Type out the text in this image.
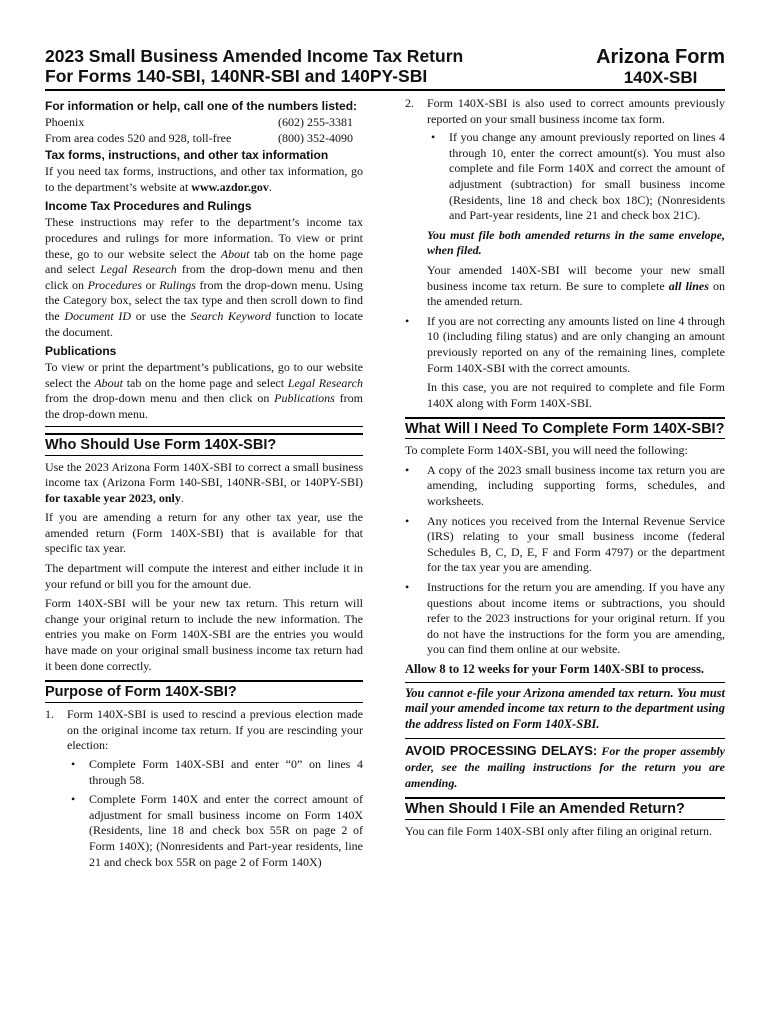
2023 Small Business Amended Income Tax Return
For Forms 140-SBI, 140NR-SBI and 140PY-SBI
Arizona Form
140X-SBI
For information or help, call one of the numbers listed:
Phoenix	(602) 255-3381
From area codes 520 and 928, toll-free	(800) 352-4090
Tax forms, instructions, and other tax information

If you need tax forms, instructions, and other tax information, go to the department’s website at www.azdor.gov.

Income Tax Procedures and Rulings

These instructions may refer to the department’s income tax procedures and rulings for more information. To view or print these, go to our website select the About tab on the home page and select Legal Research from the drop-down menu and then click on Procedures or Rulings from the drop-down menu. Using the Category box, select the tax type and then scroll down to find the Document ID or use the Search Keyword function to locate the document.

Publications

To view or print the department’s publications, go to our website select the About tab on the home page and select Legal Research from the drop-down menu and then click on Publications from the drop-down menu.

Who Should Use Form 140X-SBI?

Use the 2023 Arizona Form 140X-SBI to correct a small business income tax (Arizona Form 140-SBI, 140NR-SBI, or 140PY-SBI) for taxable year 2023, only.

If you are amending a return for any other tax year, use the amended return (Form 140X-SBI) that is available for that specific tax year.

The department will compute the interest and either include it in your refund or bill you for the amount due.

Form 140X-SBI will be your new tax return. This return will change your original return to include the new information. The entries you make on Form 140X-SBI are the entries you would have made on your original small business income tax return had it been done correctly.

Purpose of Form 140X-SBI?
1. Form 140X-SBI is used to rescind a previous election made on the original income tax return. If you are rescinding your election:
• Complete Form 140X-SBI and enter “0” on lines 4 through 58.
• Complete Form 140X and enter the correct amount of adjustment for small business income on Form 140X (Residents, line 18 and check box 55R on page 2 of Form 140X); (Nonresidents and Part-year residents, line 21 and check box 55R on page 2 of Form 140X)
2. Form 140X-SBI is also used to correct amounts previously reported on your small business income tax form.
• If you change any amount previously reported on lines 4 through 10, enter the correct amount(s). You must also complete and file Form 140X and correct the amount of adjustment (subtraction) for small business income (Residents, line 18 and check box 18C); (Nonresidents and Part-year residents, line 21 and check box 21C).

You must file both amended returns in the same envelope, when filed.

Your amended 140X-SBI will become your new small business income tax return. Be sure to complete all lines on the amended return.

• If you are not correcting any amounts listed on line 4 through 10 (including filing status) and are only changing an amount previously reported on any of the remaining lines, complete Form 140X-SBI with the correct amounts.
In this case, you are not required to complete and file Form 140X along with Form 140X-SBI.
What Will I Need To Complete Form 140X-SBI?

To complete Form 140X-SBI, you will need the following:

• A copy of the 2023 small business income tax return you are amending, including supporting forms, schedules, and worksheets.
• Any notices you received from the Internal Revenue Service (IRS) relating to your small business income (federal Schedules B, C, D, E, F and Form 4797) or the department for the tax year you are amending.
• Instructions for the return you are amending. If you have any questions about income items or subtractions, you should refer to the 2023 instructions for your original return. If you do not have the instructions for the form you are amending, you can find them online at our website.

Allow 8 to 12 weeks for your Form 140X-SBI to process.

You cannot e-file your Arizona amended tax return. You must mail your amended income tax return to the department using the address listed on Form 140X-SBI.

AVOID PROCESSING DELAYS: For the proper assembly order, see the mailing instructions for the return you are amending.

When Should I File an Amended Return?

You can file Form 140X-SBI only after filing an original return.
